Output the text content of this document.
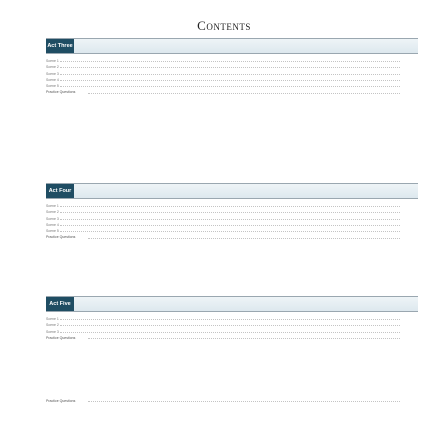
Contents
Act Three
Scene 1
Scene 2
Scene 3
Scene 4
Scene 5
Practice Questions
Act Four
Scene 1
Scene 2
Scene 3
Scene 4
Scene 5
Practice Questions
Act Five
Scene 1
Scene 2
Scene 3
Practice Questions
Practice Questions
